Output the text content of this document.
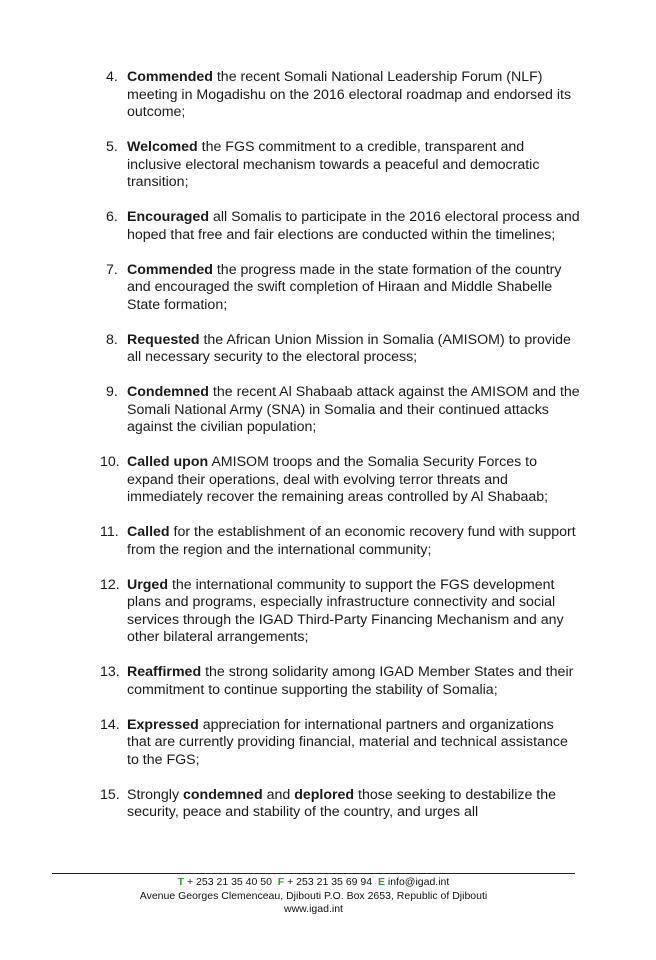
4. Commended the recent Somali National Leadership Forum (NLF) meeting in Mogadishu on the 2016 electoral roadmap and endorsed its outcome;
5. Welcomed the FGS commitment to a credible, transparent and inclusive electoral mechanism towards a peaceful and democratic transition;
6. Encouraged all Somalis to participate in the 2016 electoral process and hoped that free and fair elections are conducted within the timelines;
7. Commended the progress made in the state formation of the country and encouraged the swift completion of Hiraan and Middle Shabelle State formation;
8. Requested the African Union Mission in Somalia (AMISOM) to provide all necessary security to the electoral process;
9. Condemned the recent Al Shabaab attack against the AMISOM and the Somali National Army (SNA) in Somalia and their continued attacks against the civilian population;
10. Called upon AMISOM troops and the Somalia Security Forces to expand their operations, deal with evolving terror threats and immediately recover the remaining areas controlled by Al Shabaab;
11. Called for the establishment of an economic recovery fund with support from the region and the international community;
12. Urged the international community to support the FGS development plans and programs, especially infrastructure connectivity and social services through the IGAD Third-Party Financing Mechanism and any other bilateral arrangements;
13. Reaffirmed the strong solidarity among IGAD Member States and their commitment to continue supporting the stability of Somalia;
14. Expressed appreciation for international partners and organizations that are currently providing financial, material and technical assistance to the FGS;
15. Strongly condemned and deplored those seeking to destabilize the security, peace and stability of the country, and urges all
T + 253 21 35 40 50 F + 253 21 35 69 94 E info@igad.int
Avenue Georges Clemenceau, Djibouti P.O. Box 2653, Republic of Djibouti
www.igad.int
